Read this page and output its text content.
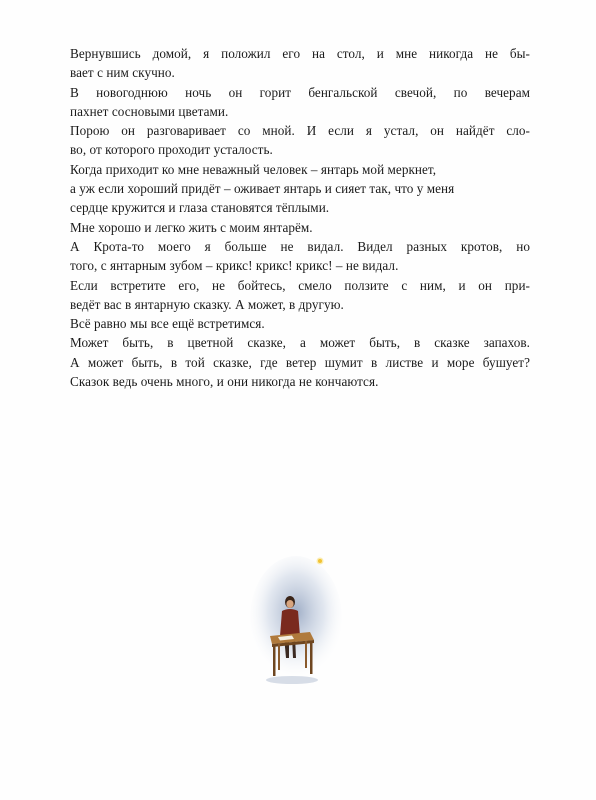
Вернувшись домой, я положил его на стол, и мне никогда не бы-
вает с ним скучно.
В новогоднюю ночь он горит бенгальской свечой, по вечерам
пахнет сосновыми цветами.
Порою он разговаривает со мной. И если я устал, он найдёт сло-
во, от которого проходит усталость.
Когда приходит ко мне неважный человек – янтарь мой меркнет,
а уж если хороший придёт – оживает янтарь и сияет так, что у меня
сердце кружится и глаза становятся тёплыми.
Мне хорошо и легко жить с моим янтарём.
А Крота-то моего я больше не видал. Видел разных кротов, но
того, с янтарным зубом – крикс! крикс! крикс! – не видал.
Если встретите его, не бойтесь, смело ползите с ним, и он при-
ведёт вас в янтарную сказку. А может, в другую.
Всё равно мы все ещё встретимся.
Может быть, в цветной сказке, а может быть, в сказке запахов.
А может быть, в той сказке, где ветер шумит в листве и море бушует?
Сказок ведь очень много, и они никогда не кончаются.
